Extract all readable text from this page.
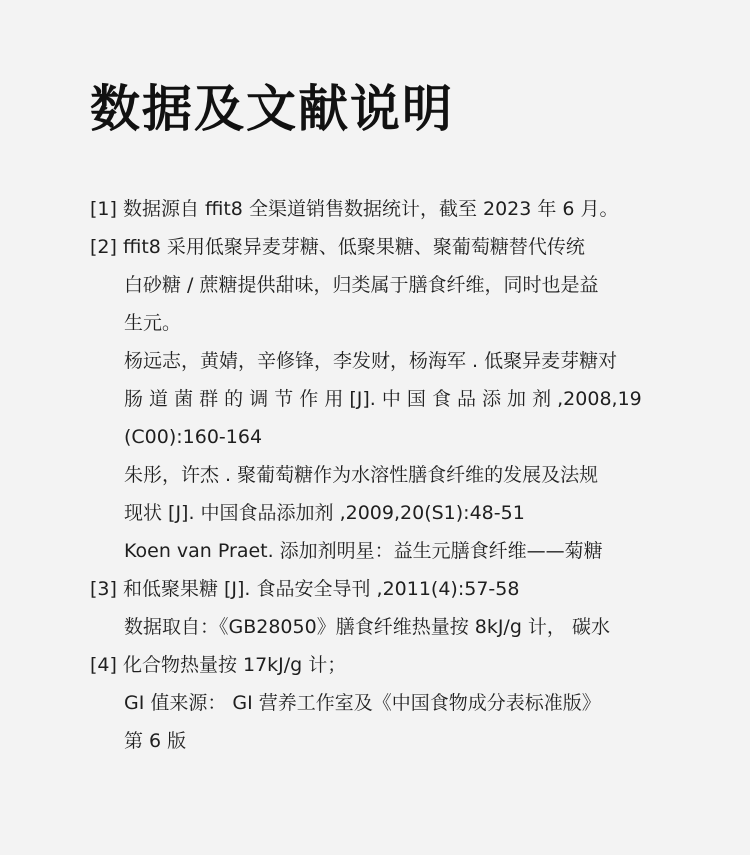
数据及文献说明
[1] 数据源自 ffit8 全渠道销售数据统计，截至 2023 年 6 月。
[2] ffit8 采用低聚异麦芽糖、低聚果糖、聚葡萄糖替代传统
白砂糖 / 蔗糖提供甜味，归类属于膳食纤维，同时也是益
生元。
杨远志，黄婧，辛修锋，李发财，杨海军 . 低聚异麦芽糖对
肠 道 菌 群 的 调 节 作 用 [J]. 中 国 食 品 添 加 剂 ,2008,19
(C00):160-164
朱彤，许杰 . 聚葡萄糖作为水溶性膳食纤维的发展及法规
现状 [J]. 中国食品添加剂 ,2009,20(S1):48-51
Koen van Praet. 添加剂明星：益生元膳食纤维——菊糖
[3] 和低聚果糖 [J]. 食品安全导刊 ,2011(4):57-58
数据取自：《GB28050》膳食纤维热量按 8kJ/g 计， 碳水
[4] 化合物热量按 17kJ/g 计；
GI 值来源： GI 营养工作室及《中国食物成分表标准版》
第 6 版
